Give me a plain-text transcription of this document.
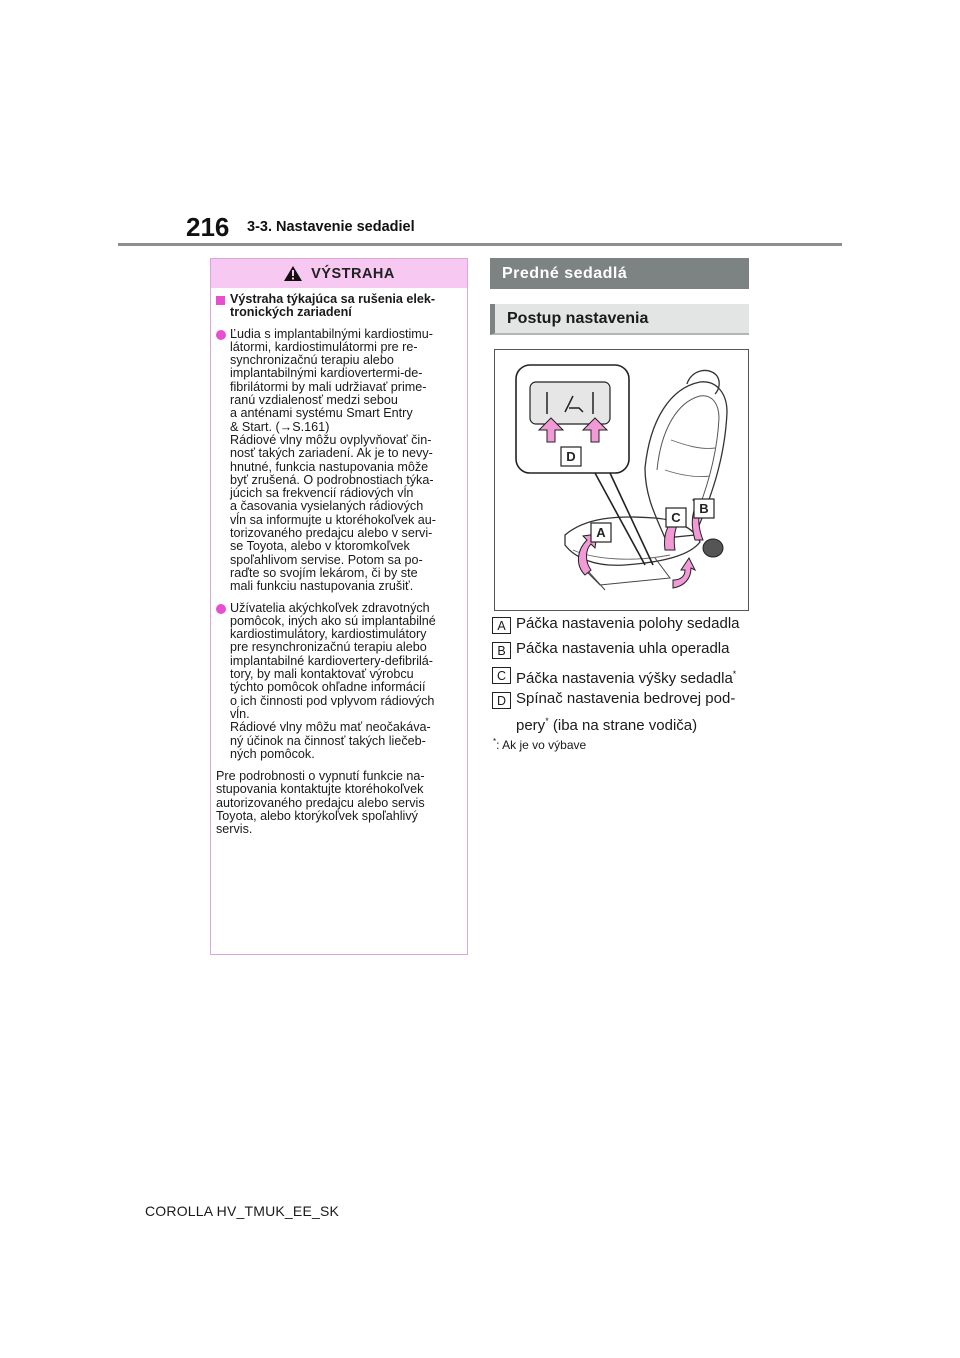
216 3-3. Nastavenie sedadiel
VÝSTRAHA
Výstraha týkajúca sa rušenia elek-
tronických zariadení
Ľudia s implantabilnými kardiostimu-
látormi, kardiostimulátormi pre re-
synchronizačnú terapiu alebo
implantabilnými kardiovertermi-de-
fibrilátormi by mali udržiavať prime-
ranú vzdialenosť medzi sebou
a anténami systému Smart Entry
& Start. (→S.161)
Rádiové vlny môžu ovplyvňovať čin-
nosť takých zariadení. Ak je to nevy-
hnutné, funkcia nastupovania môže
byť zrušená. O podrobnostiach týka-
júcich sa frekvencií rádiových vĺn
a časovania vysielaných rádiových
vĺn sa informujte u ktoréhokoľvek au-
torizovaného predajcu alebo v servi-
se Toyota, alebo v ktoromkoľvek
spoľahlivom servise. Potom sa po-
raďte so svojím lekárom, či by ste
mali funkciu nastupovania zrušiť.
Užívatelia akýchkoľvek zdravotných
pomôcok, iných ako sú implantabilné
kardiostimulátory, kardiostimulátory
pre resynchronizačnú terapiu alebo
implantabilné kardiovertery-defibrilá-
tory, by mali kontaktovať výrobcu
týchto pomôcok ohľadne informácií
o ich činnosti pod vplyvom rádiových
vĺn.
Rádiové vlny môžu mať neočakáva-
ný účinok na činnosť takých liečeb-
ných pomôcok.
Pre podrobnosti o vypnutí funkcie na-
stupovania kontaktujte ktoréhokoľvek
autorizovaného predajcu alebo servis
Toyota, alebo ktorýkoľvek spoľahlivý
servis.
Predné sedadlá
Postup nastavenia
D
A
C
B
A Páčka nastavenia polohy sedadla
B Páčka nastavenia uhla operadla
C Páčka nastavenia výšky sedadla*
D Spínač nastavenia bedrovej pod-
pery* (iba na strane vodiča)
*: Ak je vo výbave
COROLLA HV_TMUK_EE_SK
